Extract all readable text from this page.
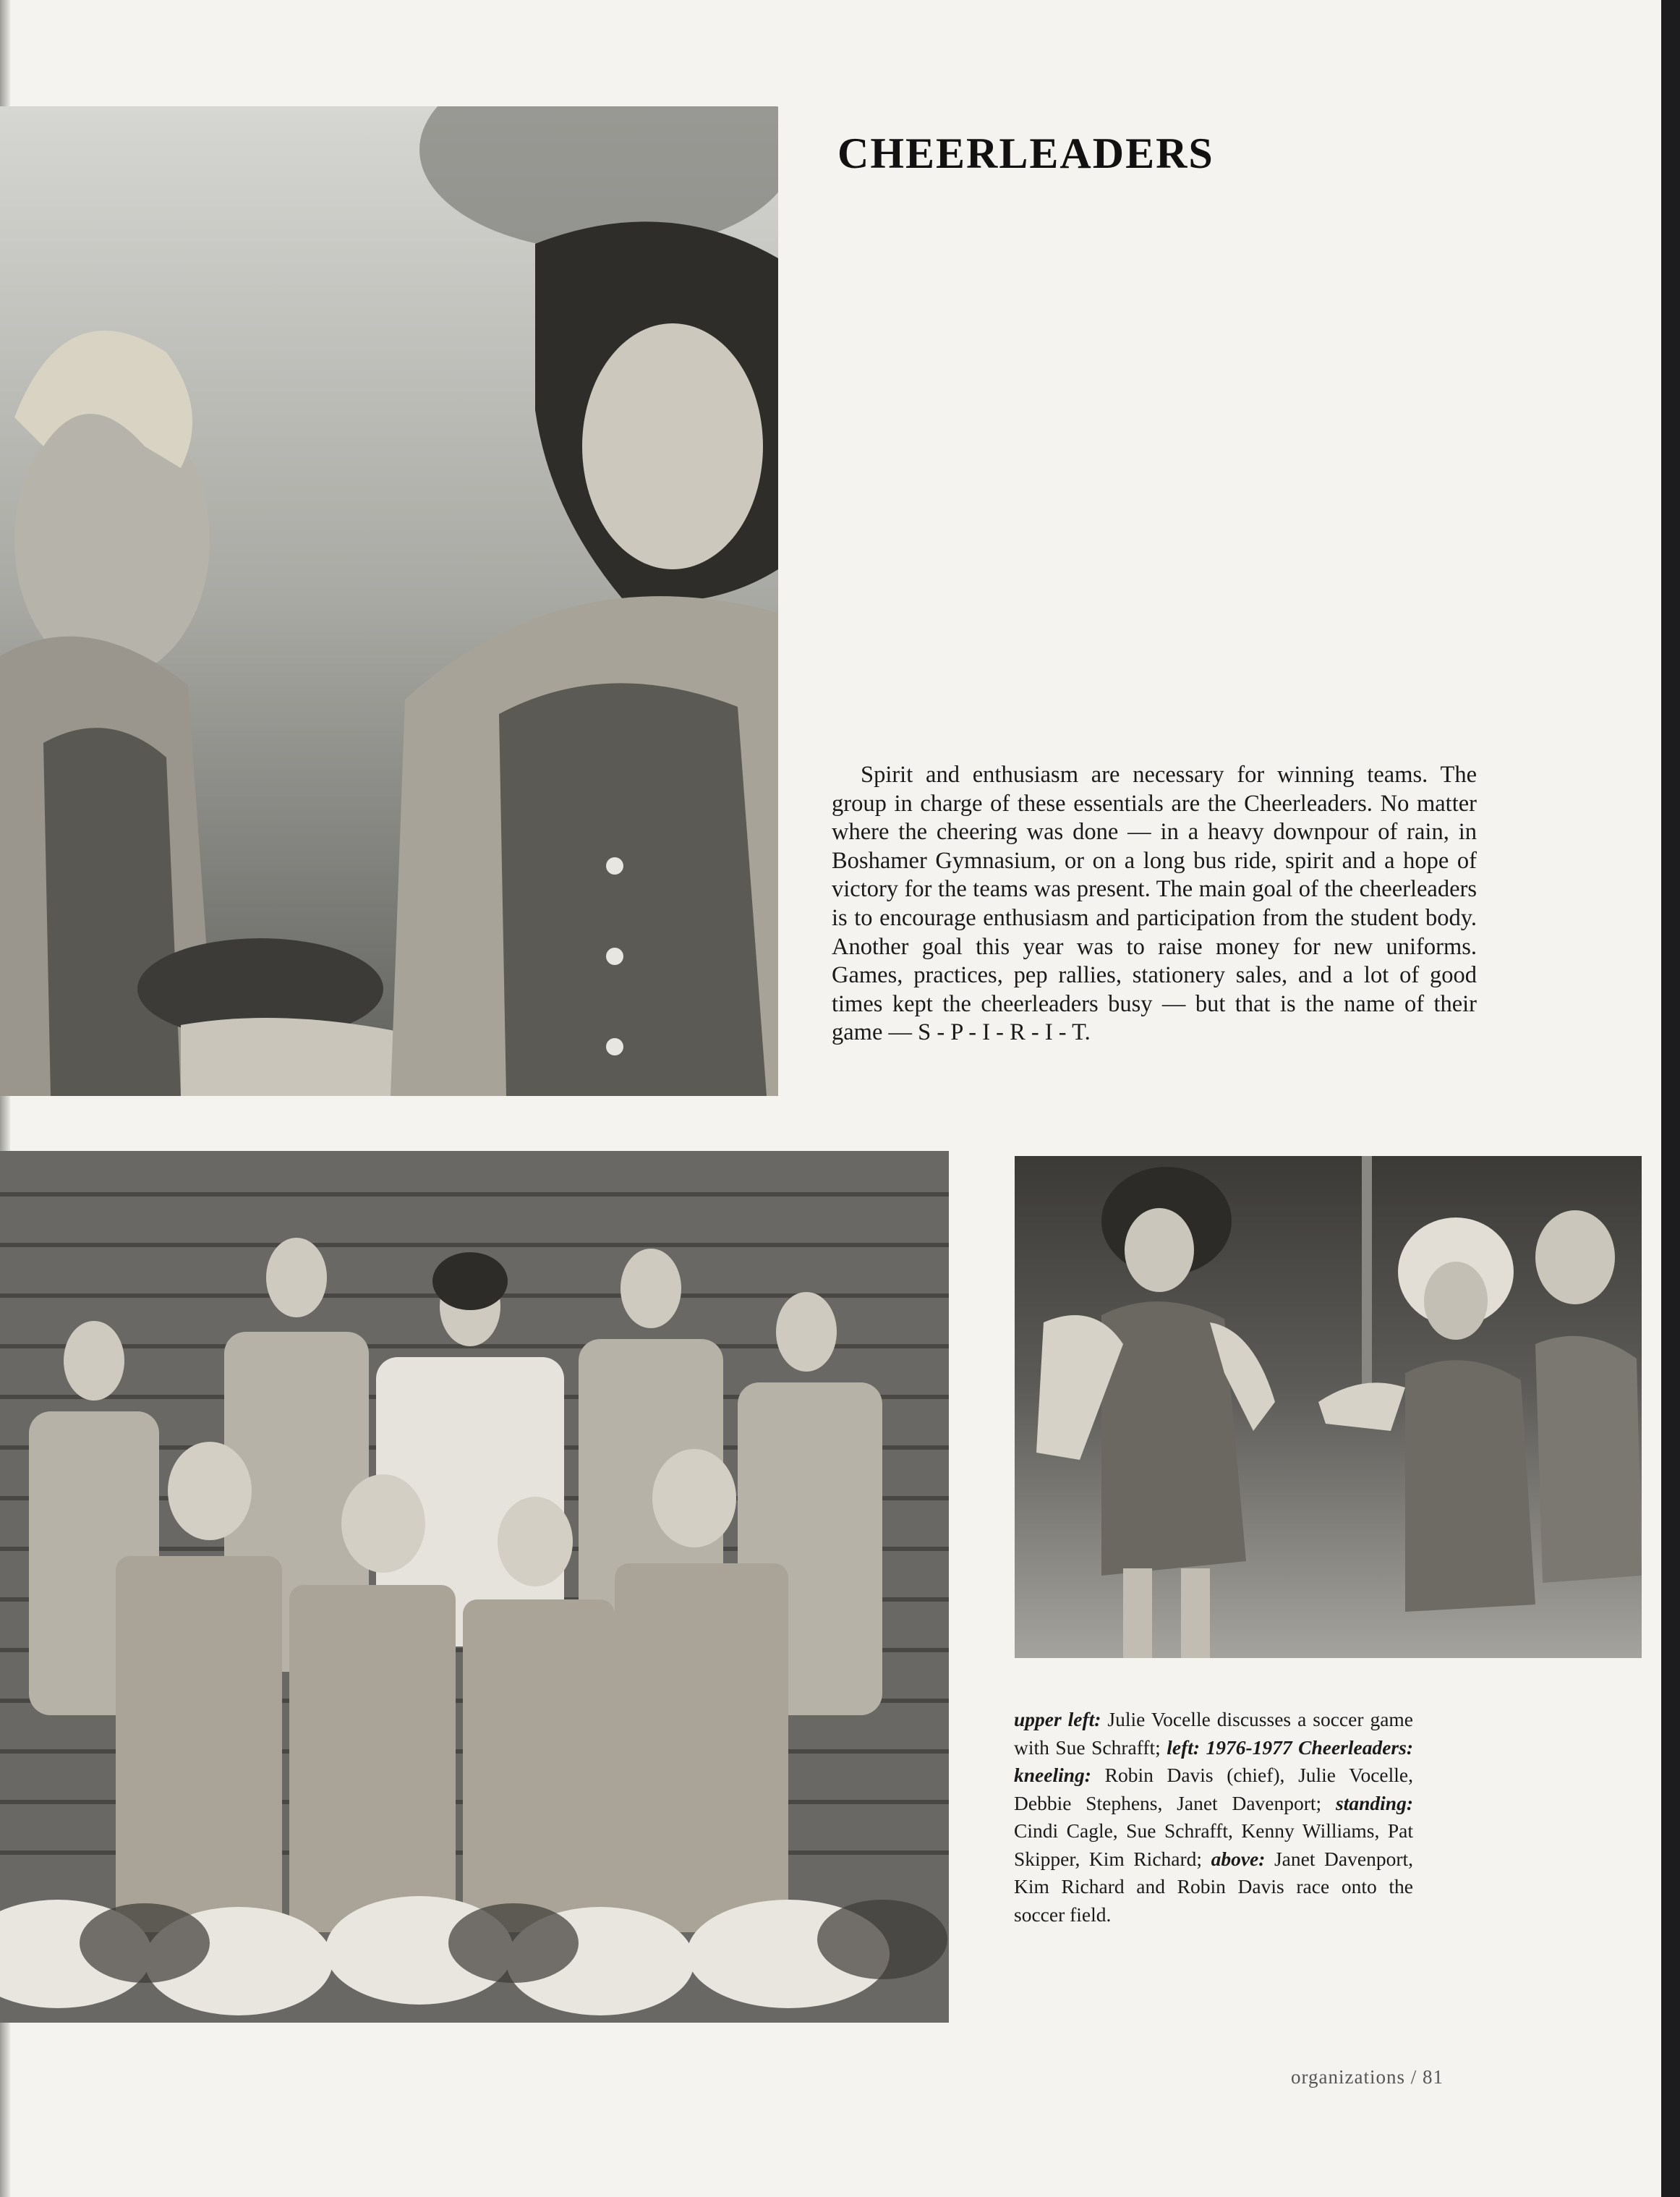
CHEERLEADERS

Spirit and enthusiasm are necessary for winning teams. The group in charge of these essentials are the Cheerleaders. No matter where the cheering was done — in a heavy downpour of rain, in Boshamer Gymnasium, or on a long bus ride, spirit and a hope of victory for the teams was present. The main goal of the cheerleaders is to encourage enthusiasm and participation from the student body. Another goal this year was to raise money for new uniforms. Games, practices, pep rallies, stationery sales, and a lot of good times kept the cheerleaders busy — but that is the name of their game — S - P - I - R - I - T.

upper left: Julie Vocelle discusses a soccer game with Sue Schrafft; left: 1976-1977 Cheerleaders: kneeling: Robin Davis (chief), Julie Vocelle, Debbie Stephens, Janet Davenport; standing: Cindi Cagle, Sue Schrafft, Kenny Williams, Pat Skipper, Kim Richard; above: Janet Davenport, Kim Richard and Robin Davis race onto the soccer field.

organizations / 81
